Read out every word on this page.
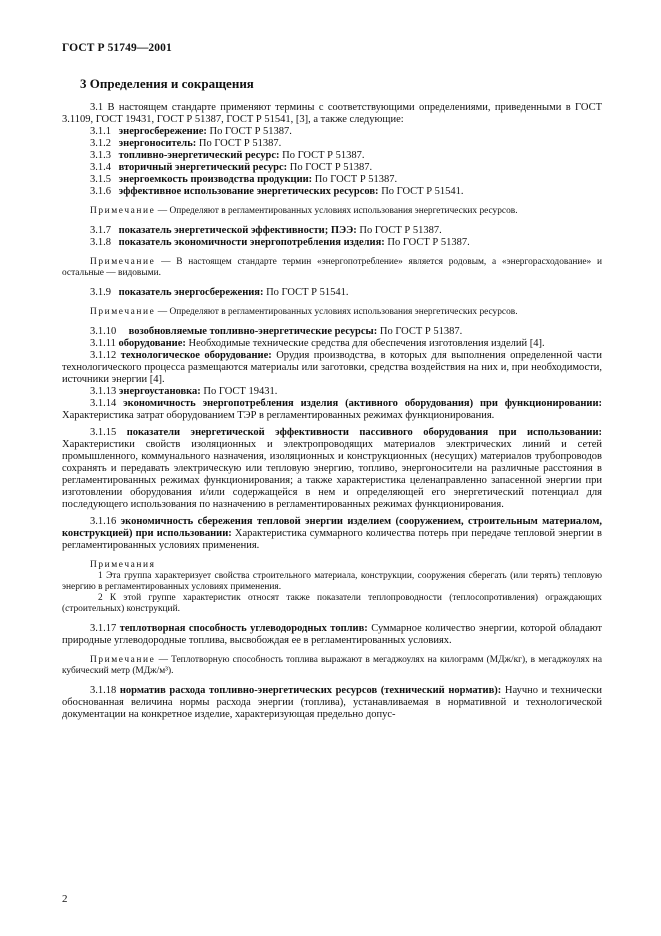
ГОСТ Р 51749—2001
3 Определения и сокращения

3.1 В настоящем стандарте применяют термины с соответствующими определениями, приведенными в ГОСТ 3.1109, ГОСТ 19431, ГОСТ Р 51387, ГОСТ Р 51541, [3], а также следующие:

3.1.1 энергосбережение: По ГОСТ Р 51387.
3.1.2 энергоноситель: По ГОСТ Р 51387.
3.1.3 топливно-энергетический ресурс: По ГОСТ Р 51387.
3.1.4 вторичный энергетический ресурс: По ГОСТ Р 51387.
3.1.5 энергоемкость производства продукции: По ГОСТ Р 51387.
3.1.6 эффективное использование энергетических ресурсов: По ГОСТ Р 51541.

Примечание — Определяют в регламентированных условиях использования энергетических ресурсов.

3.1.7 показатель энергетической эффективности; ПЭЭ: По ГОСТ Р 51387.
3.1.8 показатель экономичности энергопотребления изделия: По ГОСТ Р 51387.

Примечание — В настоящем стандарте термин «энергопотребление» является родовым, а «энергорасходование» и остальные — видовыми.

3.1.9 показатель энергосбережения: По ГОСТ Р 51541.

Примечание — Определяют в регламентированных условиях использования энергетических ресурсов.

3.1.10 возобновляемые топливно-энергетические ресурсы: По ГОСТ Р 51387.

3.1.11 оборудование: Необходимые технические средства для обеспечения изготовления изделий [4].

3.1.12 технологическое оборудование: Орудия производства, в которых для выполнения определенной части технологического процесса размещаются материалы или заготовки, средства воздействия на них и, при необходимости, источники энергии [4].

3.1.13 энергоустановка: По ГОСТ 19431.

3.1.14 экономичность энергопотребления изделия (активного оборудования) при функционировании: Характеристика затрат оборудованием ТЭР в регламентированных режимах функционирования.

3.1.15 показатели энергетической эффективности пассивного оборудования при использовании: Характеристики свойств изоляционных и электропроводящих материалов электрических линий и сетей промышленного, коммунального назначения, изоляционных и конструкционных (несущих) материалов трубопроводов сохранять и передавать электрическую или тепловую энергию, топливо, энергоносители на различные расстояния в регламентированных режимах функционирования; а также характеристика целенаправленно запасенной энергии при изготовлении оборудования и/или содержащейся в нем и определяющей его энергетический потенциал для последующего использования по назначению в регламентированных режимах функционирования.

3.1.16 экономичность сбережения тепловой энергии изделием (сооружением, строительным материалом, конструкцией) при использовании: Характеристика суммарного количества потерь при передаче тепловой энергии в регламентированных условиях применения.

Примечания

1 Эта группа характеризует свойства строительного материала, конструкции, сооружения сберегать (или терять) тепловую энергию в регламентированных условиях применения.

2 К этой группе характеристик относят также показатели теплопроводности (теплосопротивления) ограждающих (строительных) конструкций.

3.1.17 теплотворная способность углеводородных топлив: Суммарное количество энергии, которой обладают природные углеводородные топлива, высвобождая ее в регламентированных условиях.

Примечание — Теплотворную способность топлива выражают в мегаджоулях на килограмм (МДж/кг), в мегаджоулях на кубический метр (МДж/м³).

3.1.18 норматив расхода топливно-энергетических ресурсов (технический норматив): Научно и технически обоснованная величина нормы расхода энергии (топлива), устанавливаемая в нормативной и технологической документации на конкретное изделие, характеризующая предельно допус-

2
